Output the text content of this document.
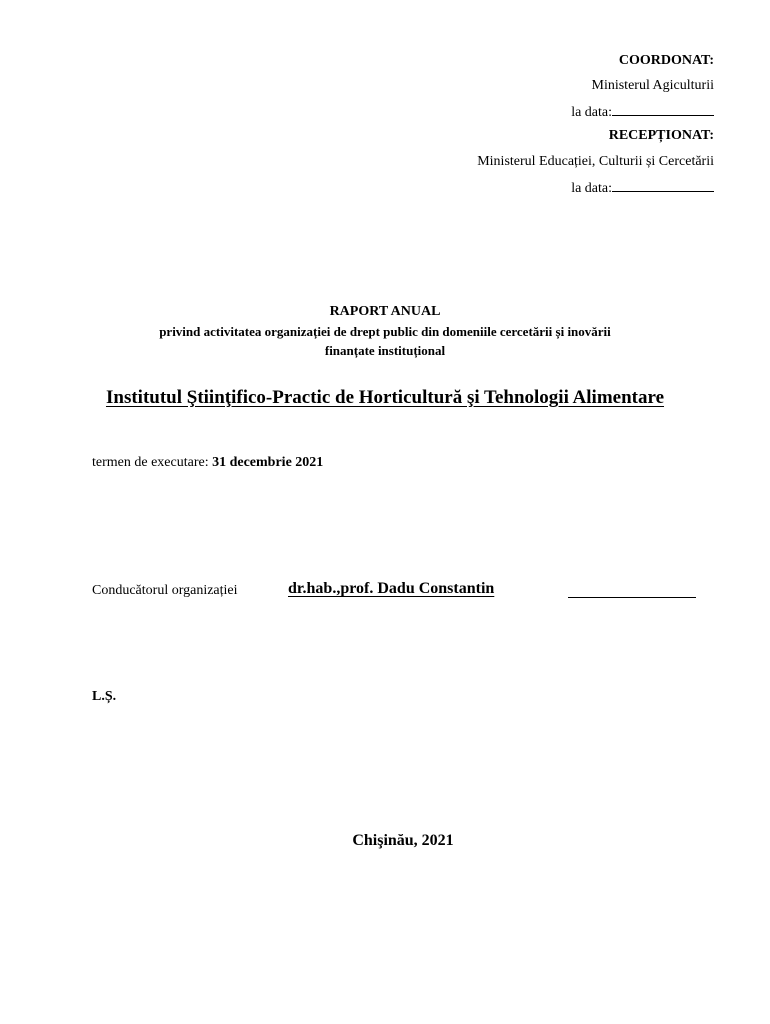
COORDONAT:
Ministerul Agiculturii
la data:
RECEPȚIONAT:
Ministerul Educației, Culturii și Cercetării
la data:
RAPORT ANUAL
privind activitatea organizației de drept public din domeniile cercetării și inovării
finanțate instituțional
Institutul Ştiinţifico-Practic de Horticultură şi Tehnologii Alimentare
termen de executare: 31 decembrie 2021
Conducătorul organizației	dr.hab.,prof. Dadu Constantin
L.Ș.
Chişinău, 2021
